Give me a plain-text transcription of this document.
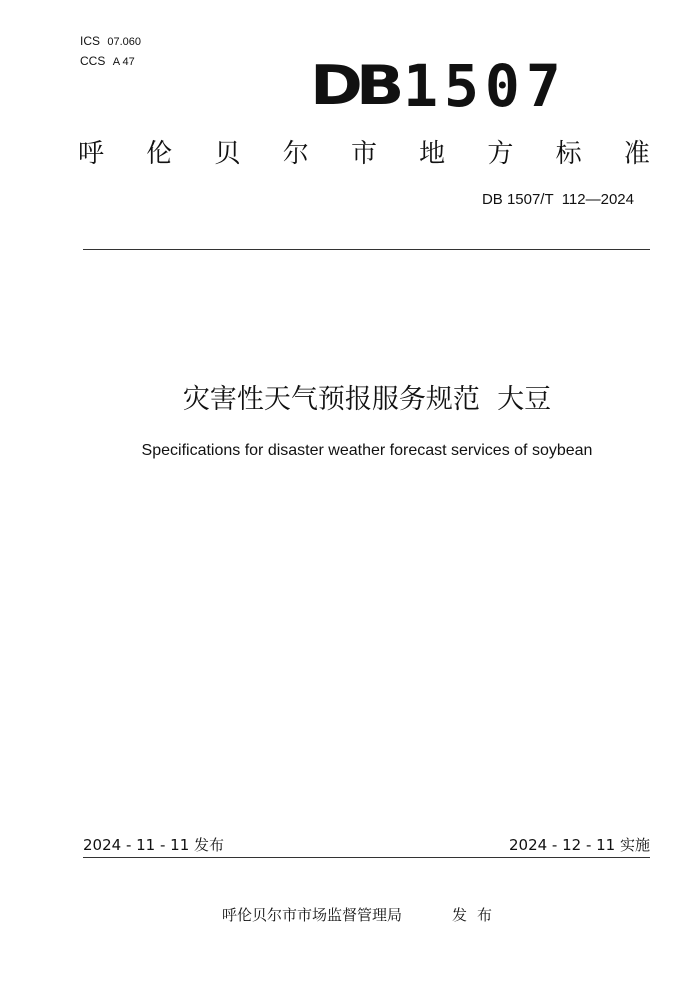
ICS 07.060
CCS A 47	DB 1507
呼 伦 贝 尔 市 地 方 标 准
DB 1507/T  112—2024
灾害性天气预报服务规范  大豆
Specifications for disaster weather forecast services of soybean
2024 - 11 - 11 发布	2024 - 12 - 11 实施
呼伦贝尔市市场监督管理局	发布
